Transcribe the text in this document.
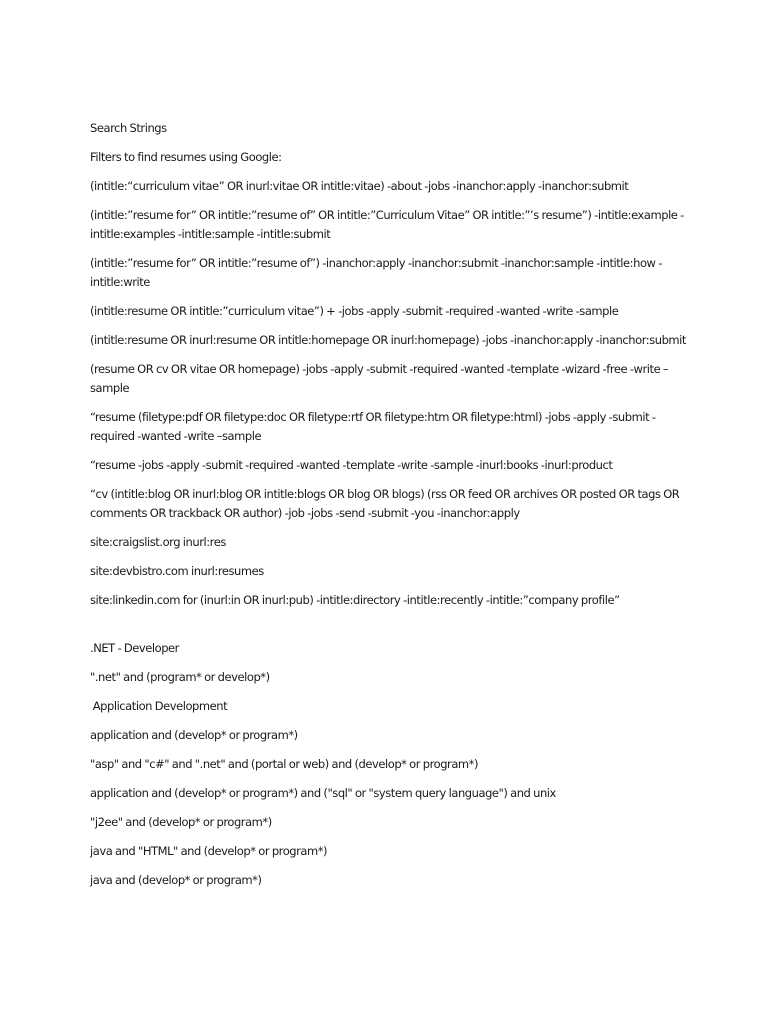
Search Strings

Filters to find resumes using Google:

(intitle:“curriculum vitae” OR inurl:vitae OR intitle:vitae) -about -jobs -inanchor:apply -inanchor:submit

(intitle:”resume for” OR intitle:”resume of” OR intitle:”Curriculum Vitae” OR intitle:”’s resume”) -intitle:example -intitle:examples -intitle:sample -intitle:submit

(intitle:”resume for” OR intitle:”resume of”) -inanchor:apply -inanchor:submit -inanchor:sample -intitle:how -intitle:write

(intitle:resume OR intitle:”curriculum vitae”) + -jobs -apply -submit -required -wanted -write -sample

(intitle:resume OR inurl:resume OR intitle:homepage OR inurl:homepage) -jobs -inanchor:apply -inanchor:submit

(resume OR cv OR vitae OR homepage) -jobs -apply -submit -required -wanted -template -wizard -free -write –sample

“resume (filetype:pdf OR filetype:doc OR filetype:rtf OR filetype:htm OR filetype:html) -jobs -apply -submit -required -wanted -write –sample

“resume -jobs -apply -submit -required -wanted -template -write -sample -inurl:books -inurl:product

“cv (intitle:blog OR inurl:blog OR intitle:blogs OR blog OR blogs) (rss OR feed OR archives OR posted OR tags OR comments OR trackback OR author) -job -jobs -send -submit -you -inanchor:apply

site:craigslist.org inurl:res

site:devbistro.com inurl:resumes

site:linkedin.com for (inurl:in OR inurl:pub) -intitle:directory -intitle:recently -intitle:”company profile”

.NET - Developer

".net" and (program* or develop*)

Application Development

application and (develop* or program*)

"asp" and "c#" and ".net" and (portal or web) and (develop* or program*)

application and (develop* or program*) and ("sql" or "system query language") and unix

"j2ee" and (develop* or program*)

java and "HTML" and (develop* or program*)

java and (develop* or program*)
